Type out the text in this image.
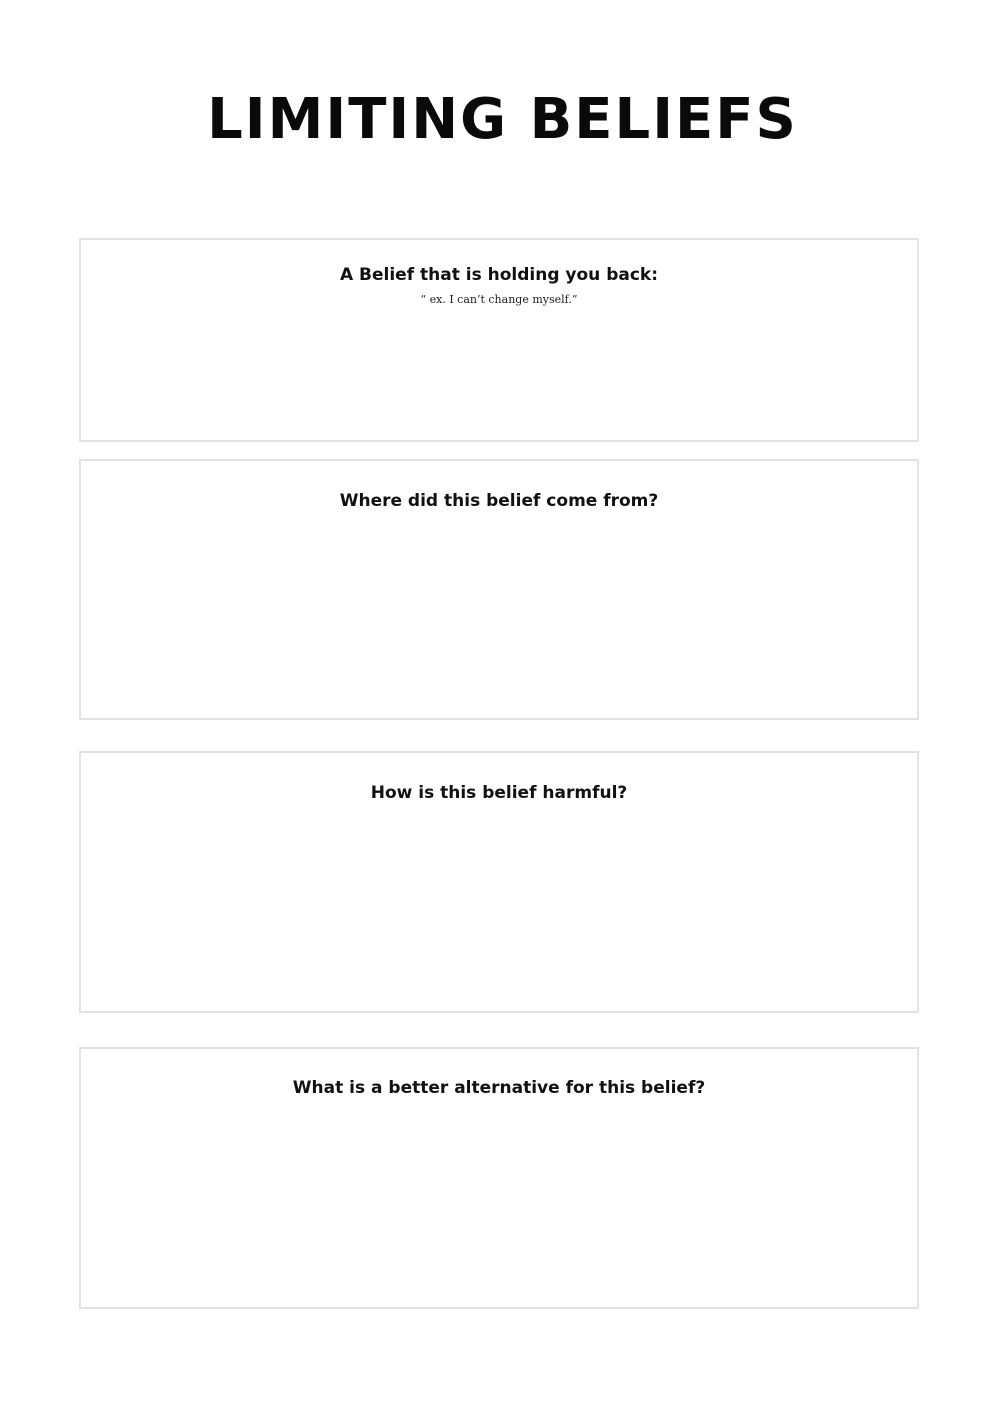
LIMITING BELIEFS
A Belief that is holding you back:
“ ex. I can’t change myself.”
Where did this belief come from?
How is this belief harmful?
What is a better alternative for this belief?
